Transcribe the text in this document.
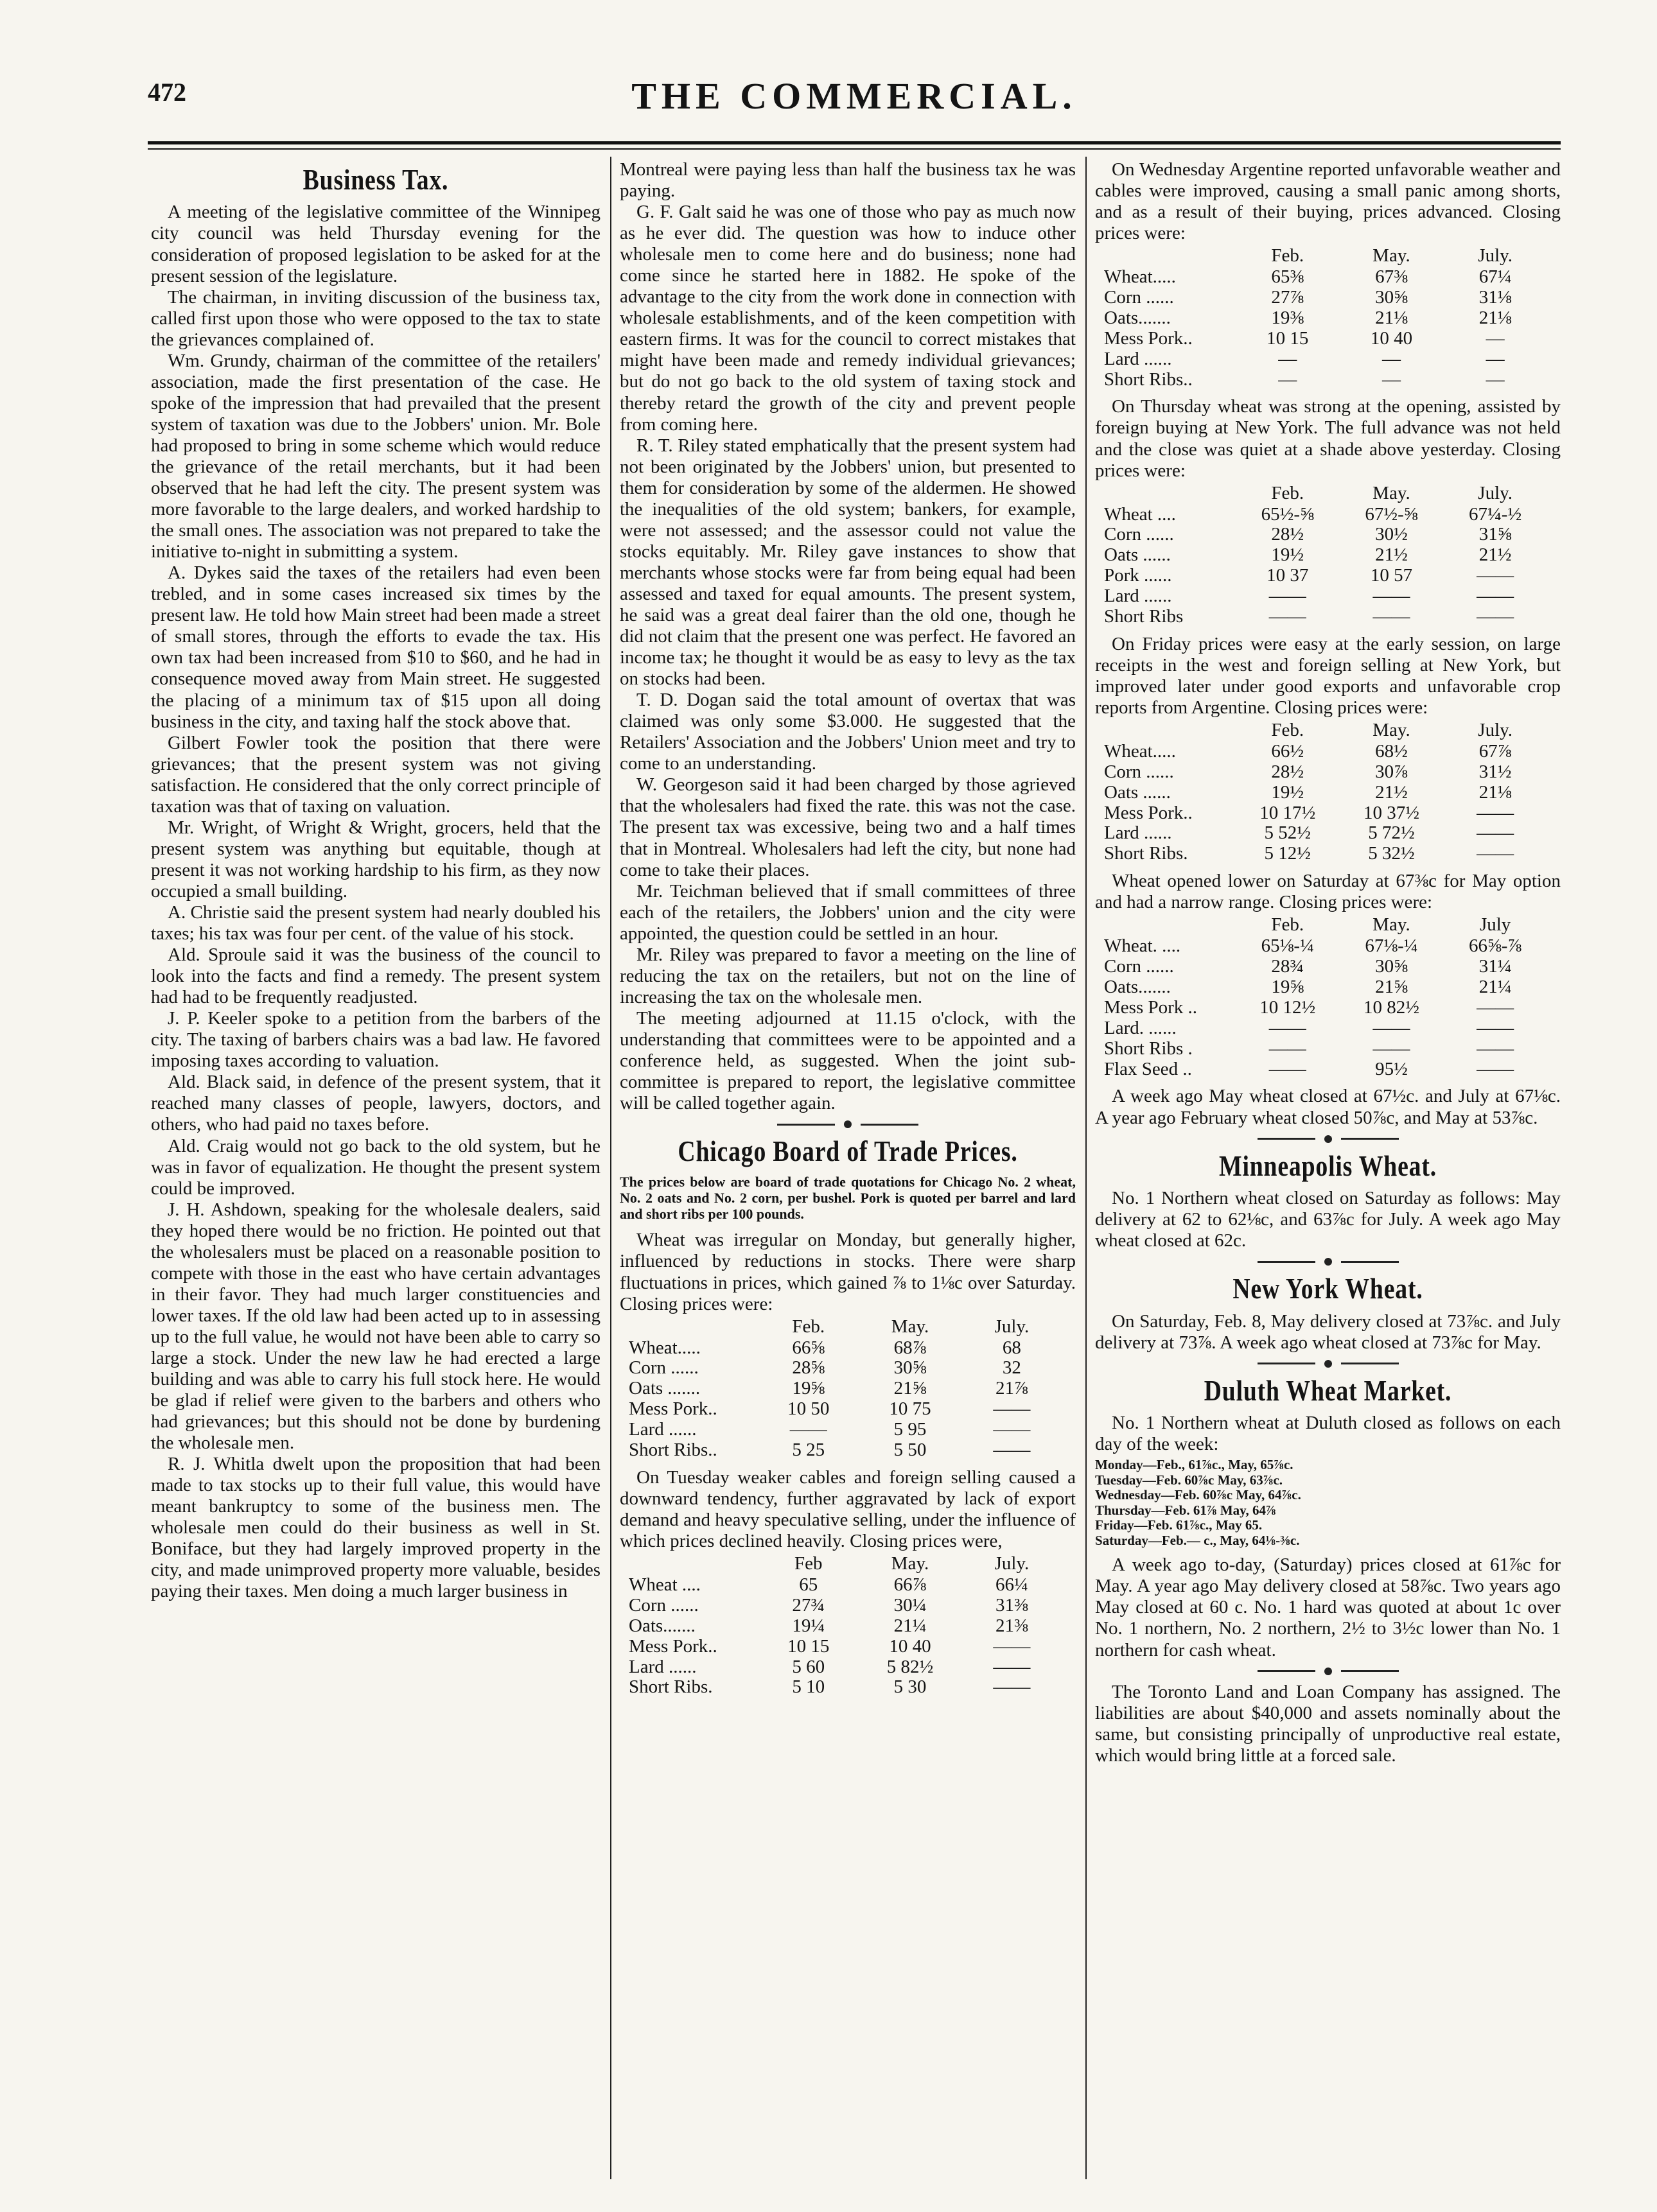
472	THE COMMERCIAL.
Business Tax.

A meeting of the legislative committee of the Winnipeg city council was held Thursday evening for the consideration of proposed legislation to be asked for at the present session of the legislature.

The chairman, in inviting discussion of the business tax, called first upon those who were opposed to the tax to state the grievances complained of.

Wm. Grundy, chairman of the committee of the retailers' association, made the first presentation of the case. He spoke of the impression that had prevailed that the present system of taxation was due to the Jobbers' union. Mr. Bole had proposed to bring in some scheme which would reduce the grievance of the retail merchants, but it had been observed that he had left the city. The present system was more favorable to the large dealers, and worked hardship to the small ones. The association was not prepared to take the initiative to-night in submitting a system.

A. Dykes said the taxes of the retailers had even been trebled, and in some cases increased six times by the present law. He told how Main street had been made a street of small stores, through the efforts to evade the tax. His own tax had been increased from $10 to $60, and he had in consequence moved away from Main street. He suggested the placing of a minimum tax of $15 upon all doing business in the city, and taxing half the stock above that.

Gilbert Fowler took the position that there were grievances; that the present system was not giving satisfaction. He considered that the only correct principle of taxation was that of taxing on valuation.

Mr. Wright, of Wright & Wright, grocers, held that the present system was anything but equitable, though at present it was not working hardship to his firm, as they now occupied a small building.

A. Christie said the present system had nearly doubled his taxes; his tax was four per cent. of the value of his stock.

Ald. Sproule said it was the business of the council to look into the facts and find a remedy. The present system had had to be frequently readjusted.

J. P. Keeler spoke to a petition from the barbers of the city. The taxing of barbers chairs was a bad law. He favored imposing taxes according to valuation.

Ald. Black said, in defence of the present system, that it reached many classes of people, lawyers, doctors, and others, who had paid no taxes before.

Ald. Craig would not go back to the old system, but he was in favor of equalization. He thought the present system could be improved.

J. H. Ashdown, speaking for the wholesale dealers, said they hoped there would be no friction. He pointed out that the wholesalers must be placed on a reasonable position to compete with those in the east who have certain advantages in their favor. They had much larger constituencies and lower taxes. If the old law had been acted up to in assessing up to the full value, he would not have been able to carry so large a stock. Under the new law he had erected a large building and was able to carry his full stock here. He would be glad if relief were given to the barbers and others who had grievances; but this should not be done by burdening the wholesale men.

R. J. Whitla dwelt upon the proposition that had been made to tax stocks up to their full value, this would have meant bankruptcy to some of the business men. The wholesale men could do their business as well in St. Boniface, but they had largely improved property in the city, and made unimproved property more valuable, besides paying their taxes. Men doing a much larger business in

Montreal were paying less than half the business tax he was paying.

G. F. Galt said he was one of those who pay as much now as he ever did. The question was how to induce other wholesale men to come here and do business; none had come since he started here in 1882. He spoke of the advantage to the city from the work done in connection with wholesale establishments, and of the keen competition with eastern firms. It was for the council to correct mistakes that might have been made and remedy individual grievances; but do not go back to the old system of taxing stock and thereby retard the growth of the city and prevent people from coming here.

R. T. Riley stated emphatically that the present system had not been originated by the Jobbers' union, but presented to them for consideration by some of the aldermen. He showed the inequalities of the old system; bankers, for example, were not assessed; and the assessor could not value the stocks equitably. Mr. Riley gave instances to show that merchants whose stocks were far from being equal had been assessed and taxed for equal amounts. The present system, he said was a great deal fairer than the old one, though he did not claim that the present one was perfect. He favored an income tax; he thought it would be as easy to levy as the tax on stocks had been.

T. D. Dogan said the total amount of overtax that was claimed was only some $3.000. He suggested that the Retailers' Association and the Jobbers' Union meet and try to come to an understanding.

W. Georgeson said it had been charged by those agrieved that the wholesalers had fixed the rate. this was not the case. The present tax was excessive, being two and a half times that in Montreal. Wholesalers had left the city, but none had come to take their places.

Mr. Teichman believed that if small committees of three each of the retailers, the Jobbers' union and the city were appointed, the question could be settled in an hour.

Mr. Riley was prepared to favor a meeting on the line of reducing the tax on the retailers, but not on the line of increasing the tax on the wholesale men.

The meeting adjourned at 11.15 o'clock, with the understanding that committees were to be appointed and a conference held, as suggested. When the joint sub-committee is prepared to report, the legislative committee will be called together again.

Chicago Board of Trade Prices.
The prices below are board of trade quotations for Chicago No. 2 wheat, No. 2 oats and No. 2 corn, per bushel. Pork is quoted per barrel and lard and short ribs per 100 pounds.

Wheat was irregular on Monday, but generally higher, influenced by reductions in stocks. There were sharp fluctuations in prices, which gained ⅞ to 1⅛c over Saturday. Closing prices were:

	Feb.	May.	July.
Wheat.....	66⅝	68⅞	68
Corn ......	28⅝	30⅝	32
Oats .......	19⅝	21⅝	21⅞
Mess Pork..	10 50	10 75	——
Lard ......	——	5 95	——
Short Ribs..	5 25	5 50	——

On Tuesday weaker cables and foreign selling caused a downward tendency, further aggravated by lack of export demand and heavy speculative selling, under the influence of which prices declined heavily. Closing prices were,

	Feb	May.	July.
Wheat ....	65	66⅞	66¼
Corn ......	27¾	30¼	31⅜
Oats.......	19¼	21¼	21⅜
Mess Pork..	10 15	10 40	——
Lard ......	5 60	5 82½	——
Short Ribs.	5 10	5 30	——

On Wednesday Argentine reported unfavorable weather and cables were improved, causing a small panic among shorts, and as a result of their buying, prices advanced. Closing prices were:

	Feb.	May.	July.
Wheat.....	65⅜	67⅜	67¼
Corn ......	27⅞	30⅝	31⅛
Oats.......	19⅜	21⅛	21⅛
Mess Pork..	10 15	10 40	—
Lard ......	—	—	—
Short Ribs..	—	—	—

On Thursday wheat was strong at the opening, assisted by foreign buying at New York. The full advance was not held and the close was quiet at a shade above yesterday. Closing prices were:

	Feb.	May.	July.
Wheat ....	65½-⅝	67½-⅝	67¼-½
Corn ......	28½	30½	31⅝
Oats ......	19½	21½	21½
Pork ......	10 37	10 57	——
Lard ......	——	——	——
Short Ribs	——	——	——

On Friday prices were easy at the early session, on large receipts in the west and foreign selling at New York, but improved later under good exports and unfavorable crop reports from Argentine. Closing prices were:

	Feb.	May.	July.
Wheat.....	66½	68½	67⅞
Corn ......	28½	30⅞	31½
Oats ......	19½	21½	21⅛
Mess Pork..	10 17½	10 37½	——
Lard ......	5 52½	5 72½	——
Short Ribs.	5 12½	5 32½	——

Wheat opened lower on Saturday at 67⅜c for May option and had a narrow range. Closing prices were:

	Feb.	May.	July
Wheat. ....	65⅛-¼	67⅛-¼	66⅝-⅞
Corn ......	28¾	30⅝	31¼
Oats.......	19⅝	21⅝	21¼
Mess Pork ..	10 12½	10 82½	——
Lard. ......	——	——	——
Short Ribs .	——	——	——
Flax Seed ..	——	95½	——

A week ago May wheat closed at 67½c. and July at 67⅛c. A year ago February wheat closed 50⅞c, and May at 53⅞c.

Minneapolis Wheat.

No. 1 Northern wheat closed on Saturday as follows: May delivery at 62 to 62⅛c, and 63⅞c for July. A week ago May wheat closed at 62c.

New York Wheat.

On Saturday, Feb. 8, May delivery closed at 73⅞c. and July delivery at 73⅞. A week ago wheat closed at 73⅞c for May.

Duluth Wheat Market.

No. 1 Northern wheat at Duluth closed as follows on each day of the week:

Monday—Feb., 61⅞c., May, 65⅞c.
Tuesday—Feb. 60⅞c May, 63⅞c.
Wednesday—Feb. 60⅞c May, 64⅞c.
Thursday—Feb. 61⅞ May, 64⅞
Friday—Feb. 61⅞c., May 65.
Saturday—Feb.— c., May, 64⅛-⅜c.

A week ago to-day, (Saturday) prices closed at 61⅞c for May. A year ago May delivery closed at 58⅞c. Two years ago May closed at 60 c. No. 1 hard was quoted at about 1c over No. 1 northern, No. 2 northern, 2½ to 3½c lower than No. 1 northern for cash wheat.

The Toronto Land and Loan Company has assigned. The liabilities are about $40,000 and assets nominally about the same, but consisting principally of unproductive real estate, which would bring little at a forced sale.
